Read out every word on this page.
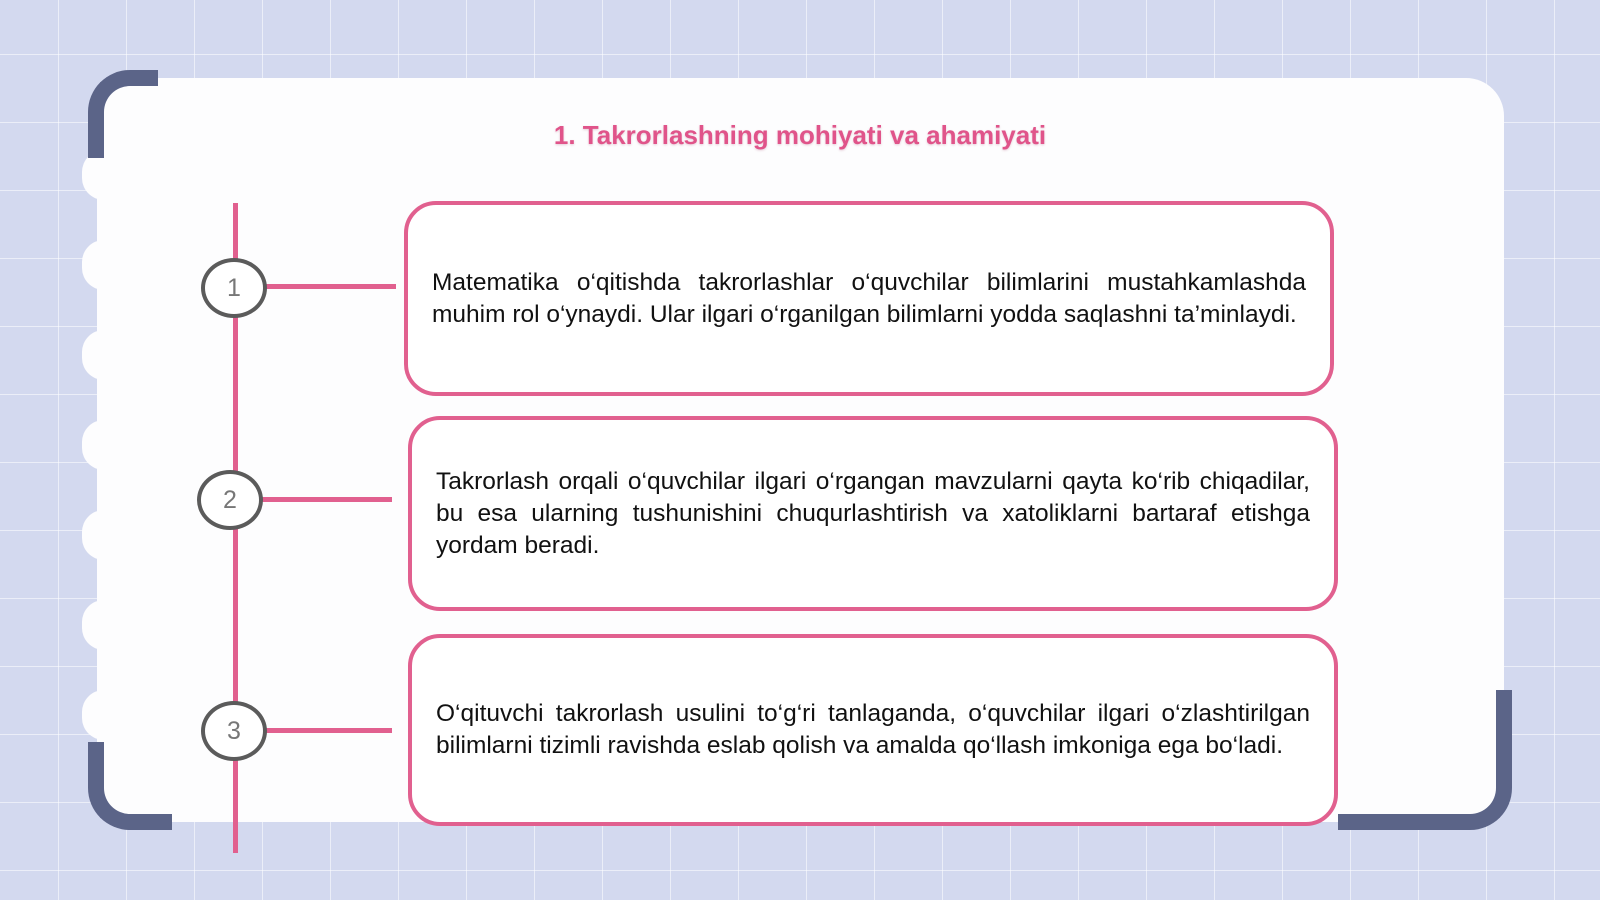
1. Takrorlashning mohiyati va ahamiyati
1
2
3

Matematika o‘qitishda takrorlashlar o‘quvchilar bilimlarini mustahkamlashda muhim rol o‘ynaydi. Ular ilgari o‘rganilgan bilimlarni yodda saqlashni ta’minlaydi.

Takrorlash orqali o‘quvchilar ilgari o‘rgangan mavzularni qayta ko‘rib chiqadilar, bu esa ularning tushunishini chuqurlashtirish va xatoliklarni bartaraf etishga yordam beradi.

O‘qituvchi takrorlash usulini to‘g‘ri tanlaganda, o‘quvchilar ilgari o‘zlashtirilgan bilimlarni tizimli ravishda eslab qolish va amalda qo‘llash imkoniga ega bo‘ladi.
